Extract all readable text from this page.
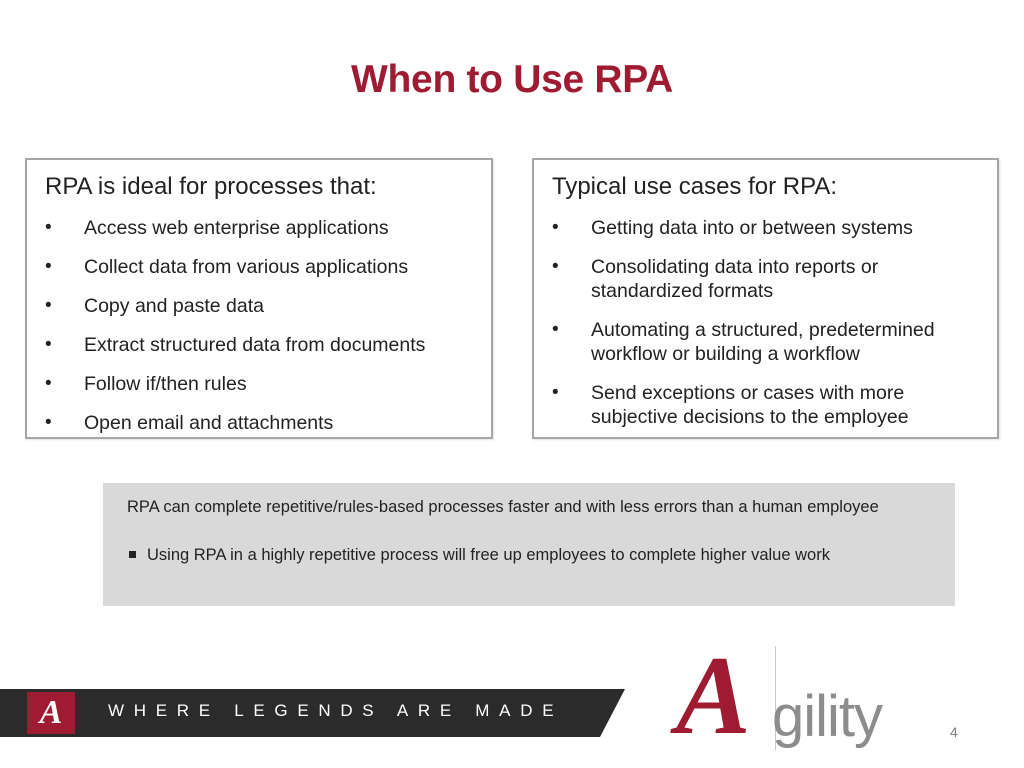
When to Use RPA
RPA is ideal for processes that:
• Access web enterprise applications
• Collect data from various applications
• Copy and paste data
• Extract structured data from documents
• Follow if/then rules
• Open email and attachments
Typical use cases for RPA:
• Getting data into or between systems
• Consolidating data into reports or standardized formats
• Automating a structured, predetermined workflow or building a workflow
• Send exceptions or cases with more subjective decisions to the employee
RPA can complete repetitive/rules-based processes faster and with less errors than a human employee
Using RPA in a highly repetitive process will free up employees to complete higher value work
A	WHERE LEGENDS ARE MADE A gility	4
